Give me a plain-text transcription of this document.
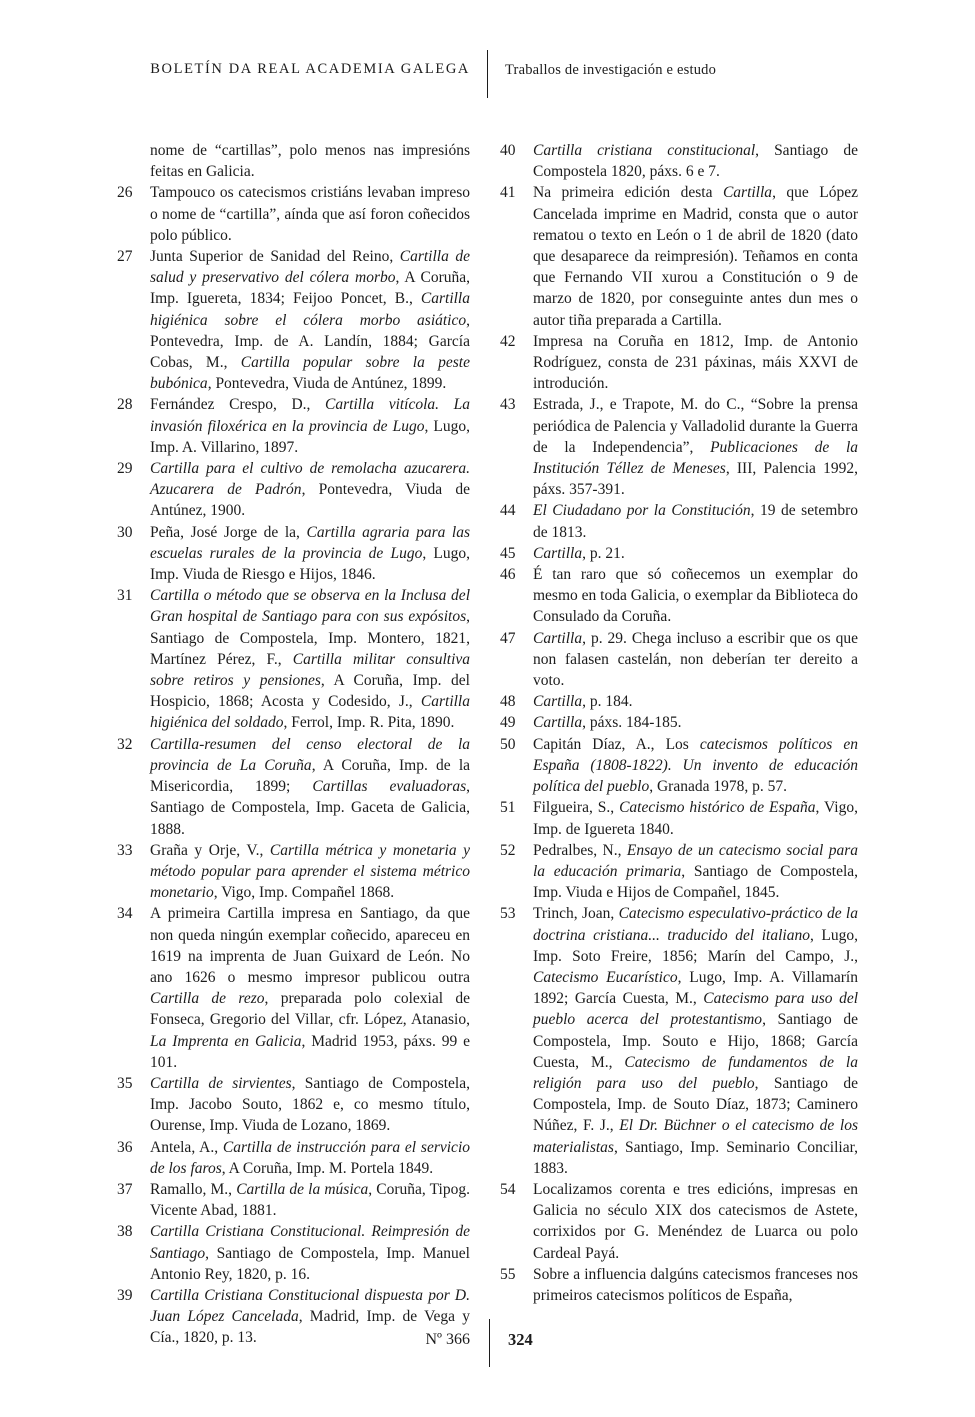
BOLETÍN DA REAL ACADEMIA GALEGA Traballos de investigación e estudo
nome de “cartillas”, polo menos nas impresións feitas en Galicia.
26	Tampouco os catecismos cristiáns levaban impreso o nome de “cartilla”, aínda que así foron coñecidos polo público.
27	Junta Superior de Sanidad del Reino, Cartilla de salud y preservativo del cólera morbo, A Coruña, Imp. Iguereta, 1834; Feijoo Poncet, B., Cartilla higiénica sobre el cólera morbo asiático, Pontevedra, Imp. de A. Landín, 1884; García Cobas, M., Cartilla popular sobre la peste bubónica, Pontevedra, Viuda de Antúnez, 1899.
28	Fernández Crespo, D., Cartilla vitícola. La invasión filoxérica en la provincia de Lugo, Lugo, Imp. A. Villarino, 1897.
29	Cartilla para el cultivo de remolacha azucarera. Azucarera de Padrón, Pontevedra, Viuda de Antúnez, 1900.
30	Peña, José Jorge de la, Cartilla agraria para las escuelas rurales de la provincia de Lugo, Lugo, Imp. Viuda de Riesgo e Hijos, 1846.
31	Cartilla o método que se observa en la Inclusa del Gran hospital de Santiago para con sus expósitos, Santiago de Compostela, Imp. Montero, 1821, Martínez Pérez, F., Cartilla militar consultiva sobre retiros y pensiones, A Coruña, Imp. del Hospicio, 1868; Acosta y Codesido, J., Cartilla higiénica del soldado, Ferrol, Imp. R. Pita, 1890.
32	Cartilla-resumen del censo electoral de la provincia de La Coruña, A Coruña, Imp. de la Misericordia, 1899; Cartillas evaluadoras, Santiago de Compostela, Imp. Gaceta de Galicia, 1888.
33	Graña y Orje, V., Cartilla métrica y monetaria y método popular para aprender el sistema métrico monetario, Vigo, Imp. Compañel 1868.
34	A primeira Cartilla impresa en Santiago, da que non queda ningún exemplar coñecido, apareceu en 1619 na imprenta de Juan Guixard de León. No ano 1626 o mesmo impresor publicou outra Cartilla de rezo, preparada polo colexial de Fonseca, Gregorio del Villar, cfr. López, Atanasio, La Imprenta en Galicia, Madrid 1953, páxs. 99 e 101.
35	Cartilla de sirvientes, Santiago de Compostela, Imp. Jacobo Souto, 1862 e, co mesmo título, Ourense, Imp. Viuda de Lozano, 1869.
36	Antela, A., Cartilla de instrucción para el servicio de los faros, A Coruña, Imp. M. Portela 1849.
37	Ramallo, M., Cartilla de la música, Coruña, Tipog. Vicente Abad, 1881.
38	Cartilla Cristiana Constitucional. Reimpresión de Santiago, Santiago de Compostela, Imp. Manuel Antonio Rey, 1820, p. 16.
39	Cartilla Cristiana Constitucional dispuesta por D. Juan López Cancelada, Madrid, Imp. de Vega y Cía., 1820, p. 13.
40	Cartilla cristiana constitucional, Santiago de Compostela 1820, páxs. 6 e 7.
41	Na primeira edición desta Cartilla, que López Cancelada imprime en Madrid, consta que o autor rematou o texto en León o 1 de abril de 1820 (dato que desaparece da reimpresión). Teñamos en conta que Fernando VII xurou a Constitución o 9 de marzo de 1820, por conseguinte antes dun mes o autor tiña preparada a Cartilla.
42	Impresa na Coruña en 1812, Imp. de Antonio Rodríguez, consta de 231 páxinas, máis XXVI de introdución.
43	Estrada, J., e Trapote, M. do C., “Sobre la prensa periódica de Palencia y Valladolid durante la Guerra de la Independencia”, Publicaciones de la Institución Téllez de Meneses, III, Palencia 1992, páxs. 357-391.
44	El Ciudadano por la Constitución, 19 de setembro de 1813.
45	Cartilla, p. 21.
46	É tan raro que só coñecemos un exemplar do mesmo en toda Galicia, o exemplar da Biblioteca do Consulado da Coruña.
47	Cartilla, p. 29. Chega incluso a escribir que os que non falasen castelán, non deberían ter dereito a voto.
48	Cartilla, p. 184.
49	Cartilla, páxs. 184-185.
50	Capitán Díaz, A., Los catecismos políticos en España (1808-1822). Un invento de educación política del pueblo, Granada 1978, p. 57.
51	Filgueira, S., Catecismo histórico de España, Vigo, Imp. de Iguereta 1840.
52	Pedralbes, N., Ensayo de un catecismo social para la educación primaria, Santiago de Compostela, Imp. Viuda e Hijos de Compañel, 1845.
53	Trinch, Joan, Catecismo especulativo-práctico de la doctrina cristiana... traducido del italiano, Lugo, Imp. Soto Freire, 1856; Marín del Campo, J., Catecismo Eucarístico, Lugo, Imp. A. Villamarín 1892; García Cuesta, M., Catecismo para uso del pueblo acerca del protestantismo, Santiago de Compostela, Imp. Souto e Hijo, 1868; García Cuesta, M., Catecismo de fundamentos de la religión para uso del pueblo, Santiago de Compostela, Imp. de Souto Díaz, 1873; Caminero Núñez, F. J., El Dr. Büchner o el catecismo de los materialistas, Santiago, Imp. Seminario Conciliar, 1883.
54	Localizamos corenta e tres edicións, impresas en Galicia no século XIX dos catecismos de Astete, corrixidos por G. Menéndez de Luarca ou polo Cardeal Payá.
55	Sobre a influencia dalgúns catecismos franceses nos primeiros catecismos políticos de España,
Nº 366 324
